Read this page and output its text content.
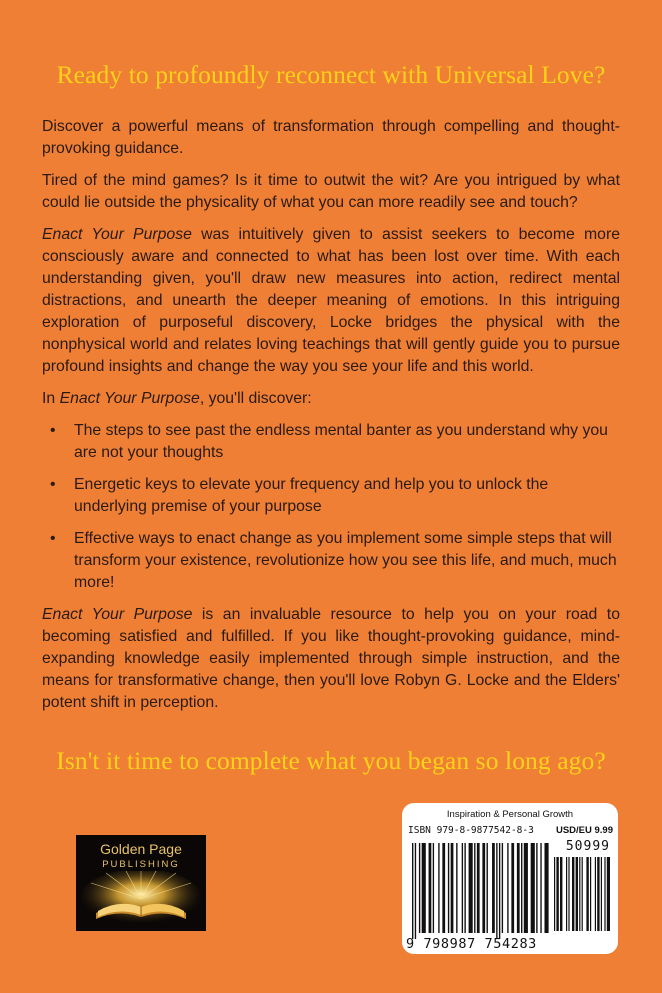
Ready to profoundly reconnect with Universal Love?

Discover a powerful means of transformation through compelling and thought-provoking guidance.

Tired of the mind games? Is it time to outwit the wit? Are you intrigued by what could lie outside the physicality of what you can more readily see and touch?

Enact Your Purpose was intuitively given to assist seekers to become more consciously aware and connected to what has been lost over time. With each understanding given, you'll draw new measures into action, redirect mental distractions, and unearth the deeper meaning of emotions. In this intriguing exploration of purposeful discovery, Locke bridges the physical with the nonphysical world and relates loving teachings that will gently guide you to pursue profound insights and change the way you see your life and this world.

In Enact Your Purpose, you'll discover:

• The steps to see past the endless mental banter as you understand why you are not your thoughts
• Energetic keys to elevate your frequency and help you to unlock the underlying premise of your purpose
• Effective ways to enact change as you implement some simple steps that will transform your existence, revolutionize how you see this life, and much, much more!

Enact Your Purpose is an invaluable resource to help you on your road to becoming satisfied and fulfilled. If you like thought-provoking guidance, mind-expanding knowledge easily implemented through simple instruction, and the means for transformative change, then you'll love Robyn G. Locke and the Elders' potent shift in perception.

Isn't it time to complete what you began so long ago?
Golden Page
PUBLISHING
Inspiration & Personal Growth
ISBN 979-8-9877542-8-3 USD/EU 9.99
50999
9 798987 754283
